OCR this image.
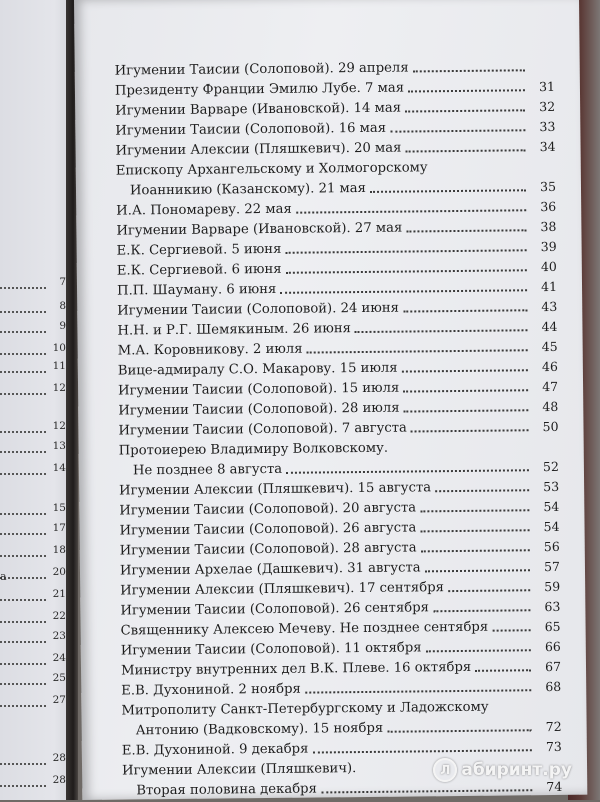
7
8
9
10
11
12
12
13
14
15
17
18
20
21
22
23
24
25
27
28
28
а
Игумении Таисии (Солоповой). 29 апреля
Президенту Франции Эмилю Лубе. 7 мая	31
Игумении Варваре (Ивановской). 14 мая	32
Игумении Таисии (Солоповой). 16 мая	33
Игумении Алексии (Пляшкевич). 20 мая	34
Епископу Архангельскому и Холмогорскому
Иоанникию (Казанскому). 21 мая	35
И.А. Пономареву. 22 мая	36
Игумении Варваре (Ивановской). 27 мая	38
Е.К. Сергиевой. 5 июня	39
Е.К. Сергиевой. 6 июня	40
П.П. Шауману. 6 июня	41
Игумении Таисии (Солоповой). 24 июня	43
Н.Н. и Р.Г. Шемякиным. 26 июня	44
М.А. Коровникову. 2 июля	45
Вице-адмиралу С.О. Макарову. 15 июля	46
Игумении Таисии (Солоповой). 15 июля	47
Игумении Таисии (Солоповой). 28 июля	48
Игумении Таисии (Солоповой). 7 августа	50
Протоиерею Владимиру Волковскому.
Не позднее 8 августа	52
Игумении Алексии (Пляшкевич). 15 августа	53
Игумении Таисии (Солоповой). 20 августа	54
Игумении Таисии (Солоповой). 26 августа	54
Игумении Таисии (Солоповой). 28 августа	56
Игумении Архелае (Дашкевич). 31 августа	57
Игумении Алексии (Пляшкевич). 17 сентября	59
Игумении Таисии (Солоповой). 26 сентября	63
Священнику Алексею Мечеву. Не позднее сентября	65
Игумении Таисии (Солоповой). 11 октября	66
Министру внутренних дел В.К. Плеве. 16 октября	67
Е.В. Духониной. 2 ноября	68
Митрополиту Санкт-Петербургскому и Ладожскому
Антонию (Вадковскому). 15 ноября	72
Е.В. Духониной. 9 декабря	73
Игумении Алексии (Пляшкевич).
Вторая половина декабря	74
Л абиринт.ру
